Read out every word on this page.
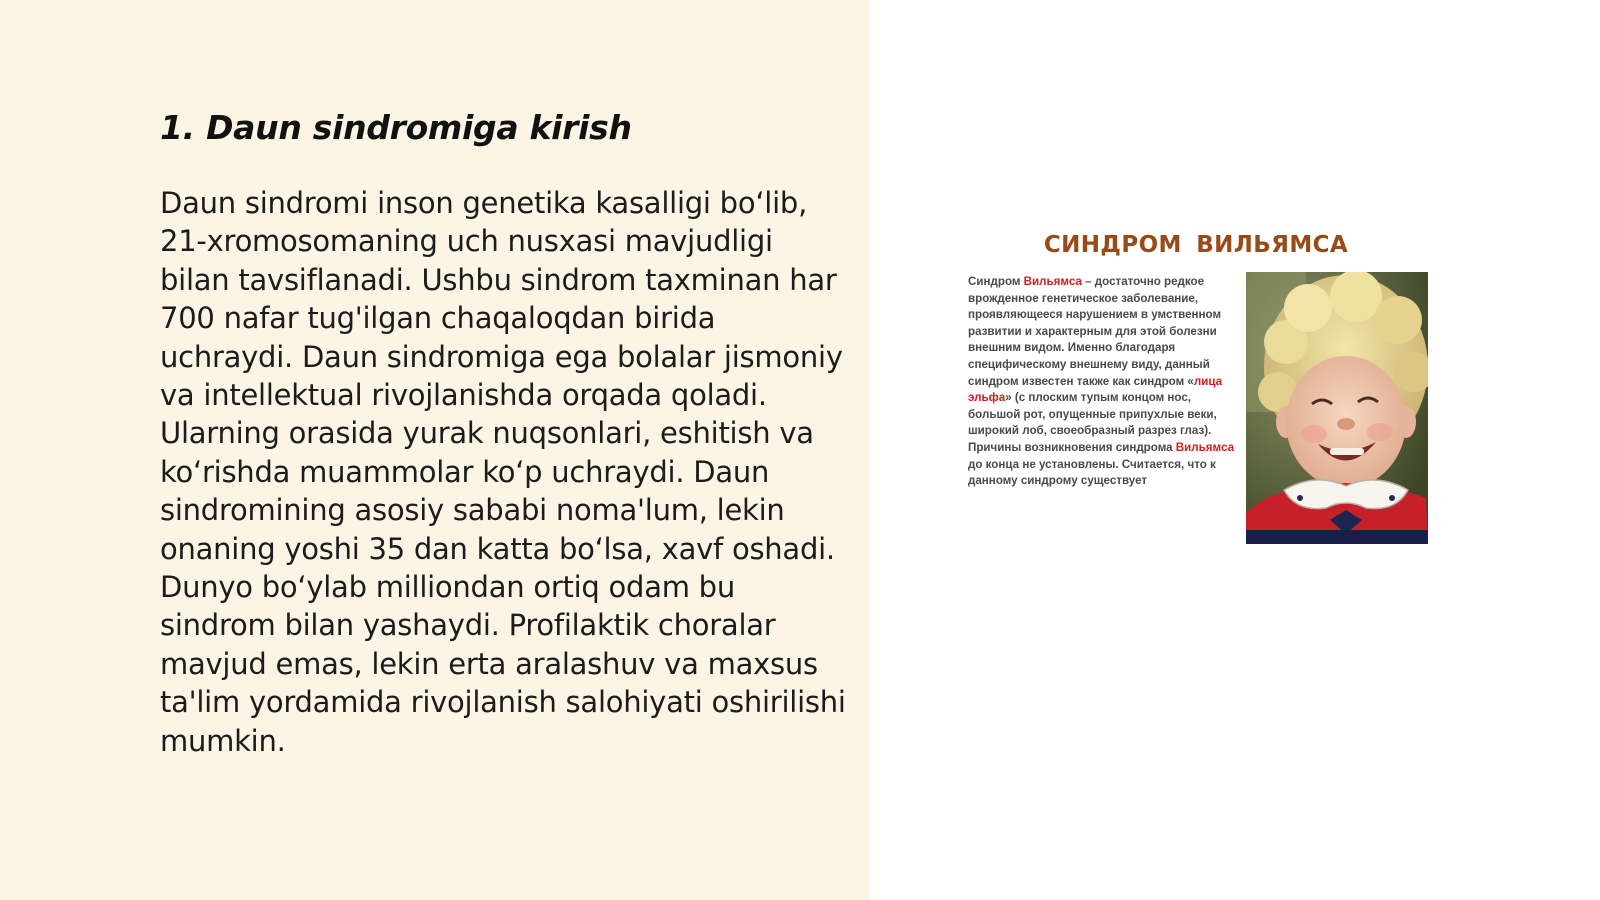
1. Daun sindromiga kirish

Daun sindromi inson genetika kasalligi bo‘lib, 21-xromosomaning uch nusxasi mavjudligi bilan tavsiflanadi. Ushbu sindrom taxminan har 700 nafar tug'ilgan chaqaloqdan birida uchraydi. Daun sindromiga ega bolalar jismoniy va intellektual rivojlanishda orqada qoladi. Ularning orasida yurak nuqsonlari, eshitish va ko‘rishda muammolar ko‘p uchraydi. Daun sindromining asosiy sababi noma'lum, lekin onaning yoshi 35 dan katta bo‘lsa, xavf oshadi. Dunyo bo‘ylab milliondan ortiq odam bu sindrom bilan yashaydi. Profilaktik choralar mavjud emas, lekin erta aralashuv va maxsus ta'lim yordamida rivojlanish salohiyati oshirilishi mumkin.

СИНДРОМ ВИЛЬЯМСА

Синдром Вильямса – достаточно редкое врожденное генетическое заболевание, проявляющееся нарушением в умственном развитии и характерным для этой болезни внешним видом. Именно благодаря специфическому внешнему виду, данный синдром известен также как синдром «лица эльфа» (с плоским тупым концом нос, большой рот, опущенные припухлые веки, широкий лоб, своеобразный разрез глаз). Причины возникновения синдрома Вильямса до конца не установлены. Считается, что к данному синдрому существует
